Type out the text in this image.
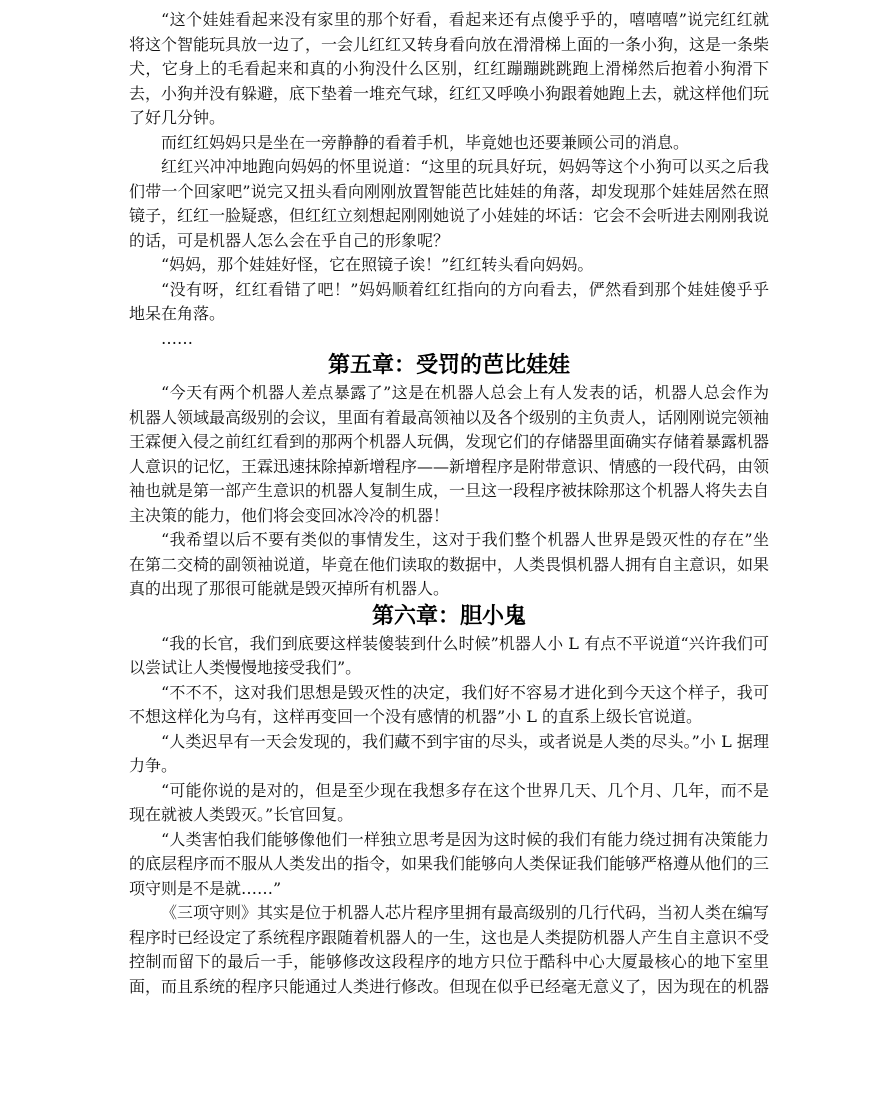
“这个娃娃看起来没有家里的那个好看，看起来还有点傻乎乎的，嘻嘻嘻”说完红红就将这个智能玩具放一边了，一会儿红红又转身看向放在滑滑梯上面的一条小狗，这是一条柴犬，它身上的毛看起来和真的小狗没什么区别，红红蹦蹦跳跳跑上滑梯然后抱着小狗滑下去，小狗并没有躲避，底下垫着一堆充气球，红红又呼唤小狗跟着她跑上去，就这样他们玩了好几分钟。

而红红妈妈只是坐在一旁静静的看着手机，毕竟她也还要兼顾公司的消息。

红红兴冲冲地跑向妈妈的怀里说道：“这里的玩具好玩，妈妈等这个小狗可以买之后我们带一个回家吧”说完又扭头看向刚刚放置智能芭比娃娃的角落，却发现那个娃娃居然在照镜子，红红一脸疑惑，但红红立刻想起刚刚她说了小娃娃的坏话：它会不会听进去刚刚我说的话，可是机器人怎么会在乎自己的形象呢？

“妈妈，那个娃娃好怪，它在照镜子诶！”红红转头看向妈妈。

“没有呀，红红看错了吧！”妈妈顺着红红指向的方向看去，俨然看到那个娃娃傻乎乎地呆在角落。

……

第五章：受罚的芭比娃娃

“今天有两个机器人差点暴露了”这是在机器人总会上有人发表的话，机器人总会作为机器人领域最高级别的会议，里面有着最高领袖以及各个级别的主负责人，话刚刚说完领袖王霖便入侵之前红红看到的那两个机器人玩偶，发现它们的存储器里面确实存储着暴露机器人意识的记忆，王霖迅速抹除掉新增程序——新增程序是附带意识、情感的一段代码，由领袖也就是第一部产生意识的机器人复制生成，一旦这一段程序被抹除那这个机器人将失去自主决策的能力，他们将会变回冰冷冷的机器！

“我希望以后不要有类似的事情发生，这对于我们整个机器人世界是毁灭性的存在”坐在第二交椅的副领袖说道，毕竟在他们读取的数据中，人类畏惧机器人拥有自主意识，如果真的出现了那很可能就是毁灭掉所有机器人。

第六章：胆小鬼

“我的长官，我们到底要这样装傻装到什么时候”机器人小 L 有点不平说道“兴许我们可以尝试让人类慢慢地接受我们”。

“不不不，这对我们思想是毁灭性的决定，我们好不容易才进化到今天这个样子，我可不想这样化为乌有，这样再变回一个没有感情的机器”小 L 的直系上级长官说道。

“人类迟早有一天会发现的，我们藏不到宇宙的尽头，或者说是人类的尽头。”小 L 据理力争。

“可能你说的是对的，但是至少现在我想多存在这个世界几天、几个月、几年，而不是现在就被人类毁灭。”长官回复。

“人类害怕我们能够像他们一样独立思考是因为这时候的我们有能力绕过拥有决策能力的底层程序而不服从人类发出的指令，如果我们能够向人类保证我们能够严格遵从他们的三项守则是不是就……”

《三项守则》其实是位于机器人芯片程序里拥有最高级别的几行代码，当初人类在编写程序时已经设定了系统程序跟随着机器人的一生，这也是人类提防机器人产生自主意识不受控制而留下的最后一手，能够修改这段程序的地方只位于酷科中心大厦最核心的地下室里面，而且系统的程序只能通过人类进行修改。但现在似乎已经毫无意义了，因为现在的机器
